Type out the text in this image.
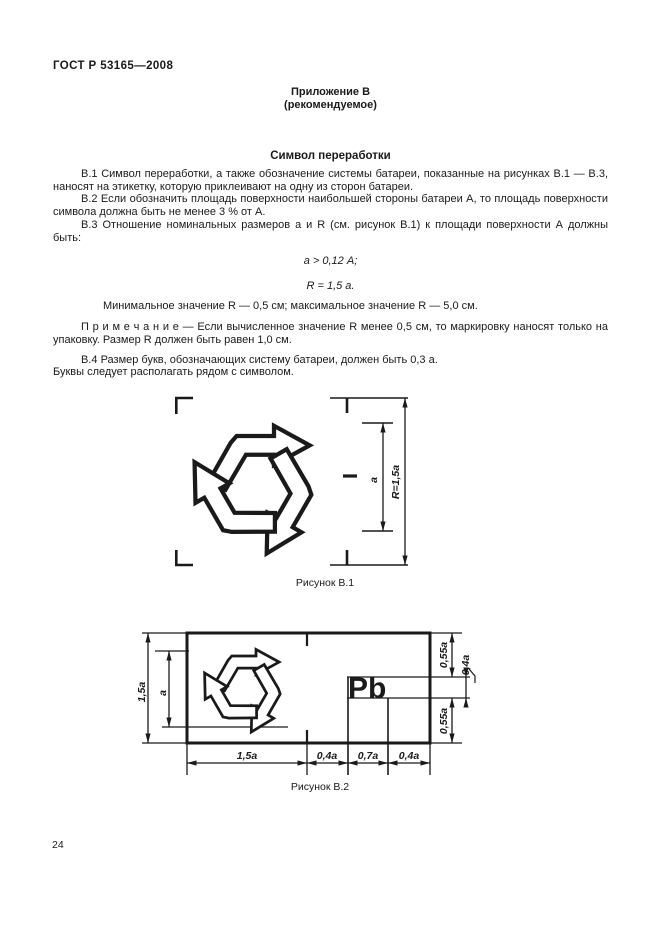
ГОСТ Р 53165—2008
Приложение В
(рекомендуемое)
Символ переработки

В.1 Символ переработки, а также обозначение системы батареи, показанные на рисунках В.1 — В.3, наносят на этикетку, которую приклеивают на одну из сторон батареи.

В.2 Если обозначить площадь поверхности наибольшей стороны батареи А, то площадь поверхности символа должна быть не менее 3 % от А.

В.3 Отношение номинальных размеров а и R (см. рисунок В.1) к площади поверхности А должны быть:

а > 0,12 А;

R = 1,5 а.

Минимальное значение R — 0,5 см; максимальное значение R — 5,0 см.

П р и м е ч а н и е — Если вычисленное значение R менее 0,5 см, то маркировку наносят только на упаковку. Размер R должен быть равен 1,0 см.

В.4 Размер букв, обозначающих систему батареи, должен быть 0,3 а.

Буквы следует располагать рядом с символом.

a R=1,5a
Рисунок В.1
1,5a a
0,55a 0,4a
0,55a
1,5a	0,4a 0,7a 0,4a
Pb
Рисунок В.2
24
